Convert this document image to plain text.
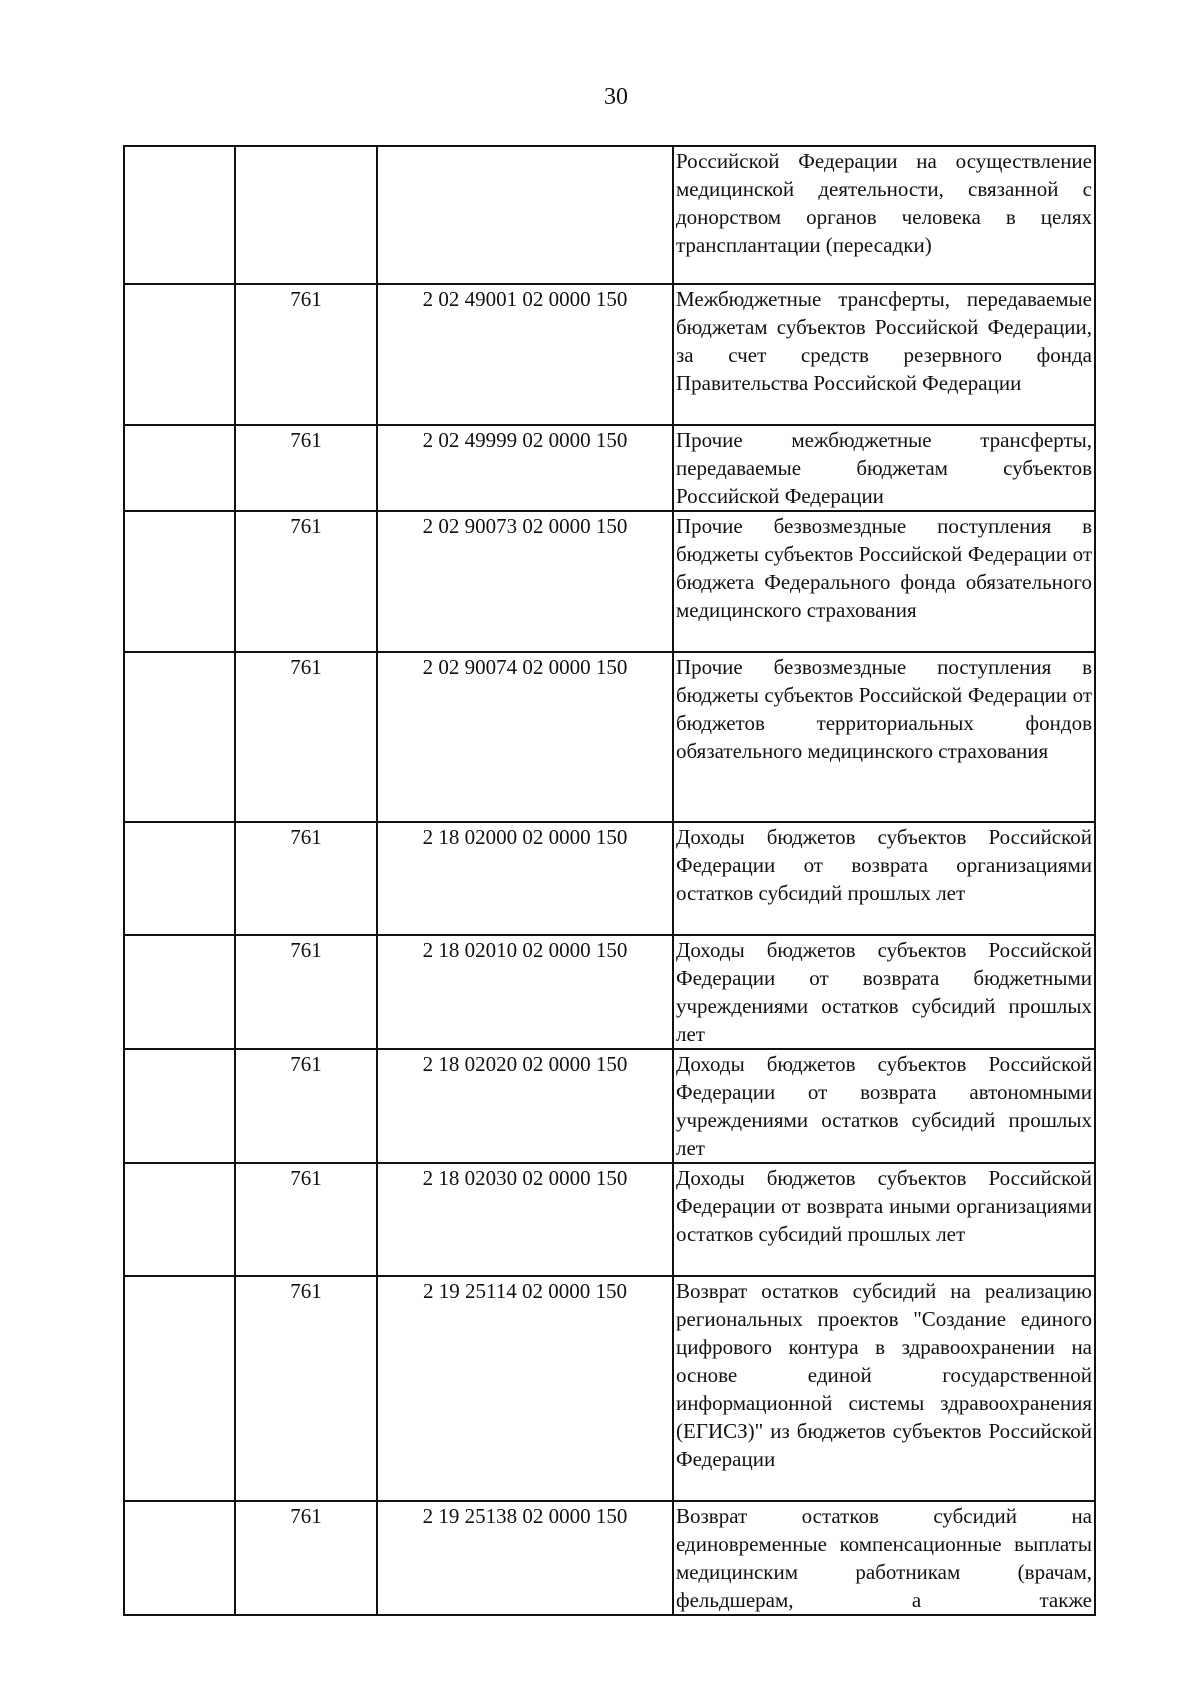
30
			Российской Федерации на осуществление медицинской деятельности, связанной с донорством органов человека в целях трансплантации (пересадки)
	761	2 02 49001 02 0000 150	Межбюджетные трансферты, передаваемые бюджетам субъектов Российской Федерации, за счет средств резервного фонда Правительства Российской Федерации
	761	2 02 49999 02 0000 150	Прочие межбюджетные трансферты, передаваемые бюджетам субъектов Российской Федерации
	761	2 02 90073 02 0000 150	Прочие безвозмездные поступления в бюджеты субъектов Российской Федерации от бюджета Федерального фонда обязательного медицинского страхования
	761	2 02 90074 02 0000 150	Прочие безвозмездные поступления в бюджеты субъектов Российской Федерации от бюджетов территориальных фондов обязательного медицинского страхования
	761	2 18 02000 02 0000 150	Доходы бюджетов субъектов Российской Федерации от возврата организациями остатков субсидий прошлых лет
	761	2 18 02010 02 0000 150	Доходы бюджетов субъектов Российской Федерации от возврата бюджетными учреждениями остатков субсидий прошлых лет
	761	2 18 02020 02 0000 150	Доходы бюджетов субъектов Российской Федерации от возврата автономными учреждениями остатков субсидий прошлых лет
	761	2 18 02030 02 0000 150	Доходы бюджетов субъектов Российской Федерации от возврата иными организациями остатков субсидий прошлых лет
	761	2 19 25114 02 0000 150	Возврат остатков субсидий на реализацию региональных проектов "Создание единого цифрового контура в здравоохранении на основе единой государственной информационной системы здравоохранения (ЕГИСЗ)" из бюджетов субъектов Российской Федерации
	761	2 19 25138 02 0000 150	Возврат остатков субсидий на единовременные компенсационные выплаты медицинским работникам (врачам, фельдшерам, а также
